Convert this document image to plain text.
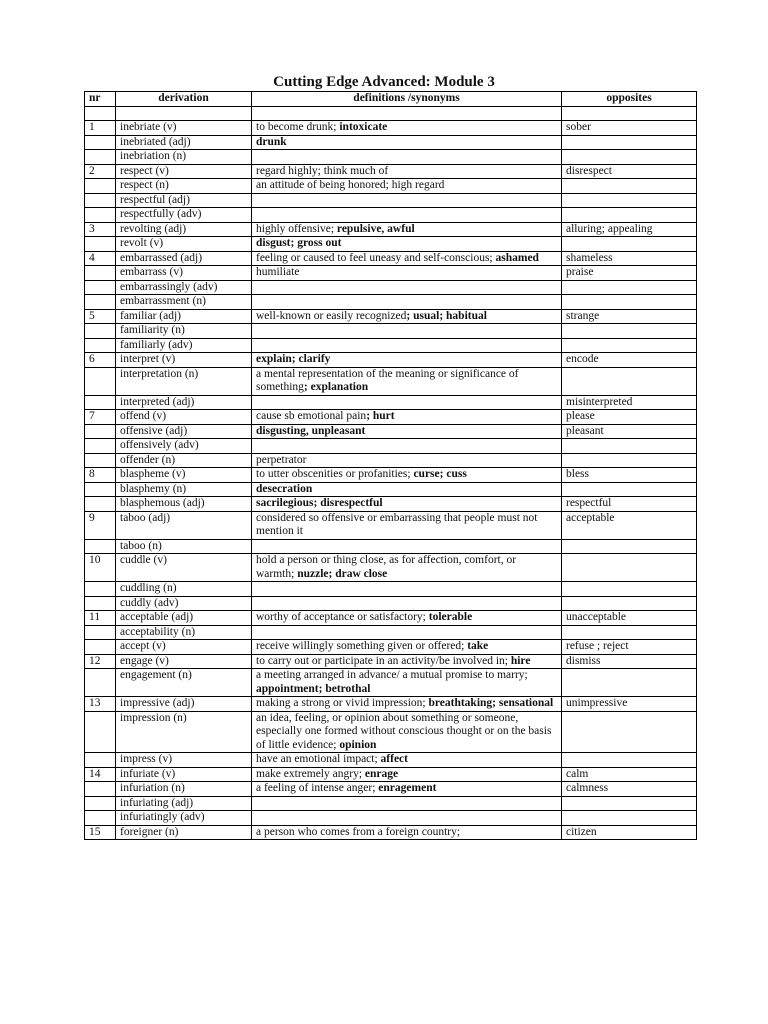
Cutting Edge Advanced: Module 3
nr	derivation	definitions /synonyms	opposites

1	inebriate (v)	to become drunk; intoxicate	sober
	inebriated (adj)	drunk	
	inebriation (n)		
2	respect (v)	regard highly; think much of	disrespect
	respect (n)	an attitude of being honored; high regard	
	respectful (adj)		
	respectfully (adv)		
3	revolting (adj)	highly offensive; repulsive, awful	alluring; appealing
	revolt (v)	disgust; gross out	
4	embarrassed (adj)	feeling or caused to feel uneasy and self-conscious; ashamed	shameless
	embarrass (v)	humiliate	praise
	embarrassingly (adv)		
	embarrassment (n)		
5	familiar (adj)	well-known or easily recognized; usual; habitual	strange
	familiarity (n)		
	familiarly (adv)		
6	interpret (v)	explain; clarify	encode
	interpretation (n)	a mental representation of the meaning or significance of something; explanation	
	interpreted (adj)		misinterpreted
7	offend (v)	cause sb emotional pain; hurt	please
	offensive (adj)	disgusting, unpleasant	pleasant
	offensively (adv)		
	offender (n)	perpetrator	
8	blaspheme (v)	to utter obscenities or profanities; curse; cuss	bless
	blasphemy (n)	desecration	
	blasphemous (adj)	sacrilegious; disrespectful	respectful
9	taboo (adj)	considered so offensive or embarrassing that people must not mention it	acceptable
	taboo (n)		
10	cuddle (v)	hold a person or thing close, as for affection, comfort, or warmth; nuzzle; draw close	
	cuddling (n)		
	cuddly (adv)		
11	acceptable (adj)	worthy of acceptance or satisfactory; tolerable	unacceptable
	acceptability (n)		
	accept (v)	receive willingly something given or offered; take	refuse ; reject
12	engage (v)	to carry out or participate in an activity/be involved in; hire	dismiss
	engagement (n)	a meeting arranged in advance/ a mutual promise to marry; appointment; betrothal	
13	impressive (adj)	making a strong or vivid impression; breathtaking; sensational	unimpressive
	impression (n)	an idea, feeling, or opinion about something or someone, especially one formed without conscious thought or on the basis of little evidence; opinion	
	impress (v)	have an emotional impact; affect	
14	infuriate (v)	make extremely angry; enrage	calm
	infuriation (n)	a feeling of intense anger; enragement	calmness
	infuriating (adj)		
	infuriatingly (adv)		
15	foreigner (n)	a person who comes from a foreign country;	citizen
